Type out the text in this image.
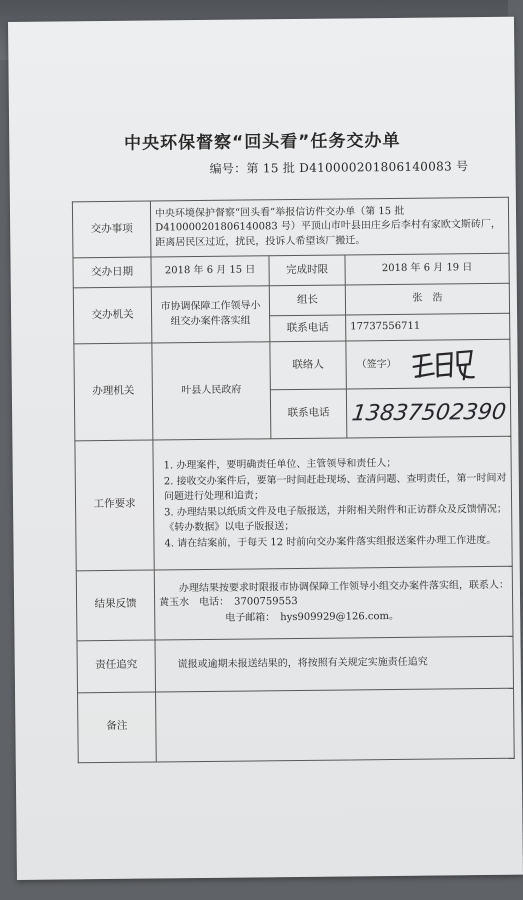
中央环保督察“回头看”任务交办单
编号：第 15 批 D410000201806140083 号
交办事项	中央环境保护督察“回头看”举报信访件交办单（第 15 批 D410000201806140083 号）平顶山市叶县田庄乡后李村有家欧文斯砖厂，距离居民区过近，扰民，投诉人希望该厂搬迁。		
交办日期	2018 年 6 月 15 日	完成时限	2018 年 6 月 19 日
交办机关	市协调保障工作领导小组交办案件落实组	组长	张　浩
		联系电话	17737556711
办理机关	叶县人民政府	联络人	（签字）
		联系电话	13837502390

工作要求	1. 办理案件，要明确责任单位、主管领导和责任人；

2. 接收交办案件后，要第一时间赶赴现场、查清问题、查明责任，第一时间对问题进行处理和追责；

3. 办理结果以纸质文件及电子版报送，并附相关附件和正访群众及反馈情况；《转办数据》以电子版报送；

4. 请在结案前，于每天 12 时前向交办案件落实组报送案件办理工作进度。		

结果反馈	办理结果按要求时限报市协调保障工作领导小组交办案件落实组，联系人：　黄玉水　电话：　3700759553

电子邮箱：　hys909929@126.com。		

责任追究	谎报或逾期未报送结果的，将按照有关规定实施责任追究		
备注			
